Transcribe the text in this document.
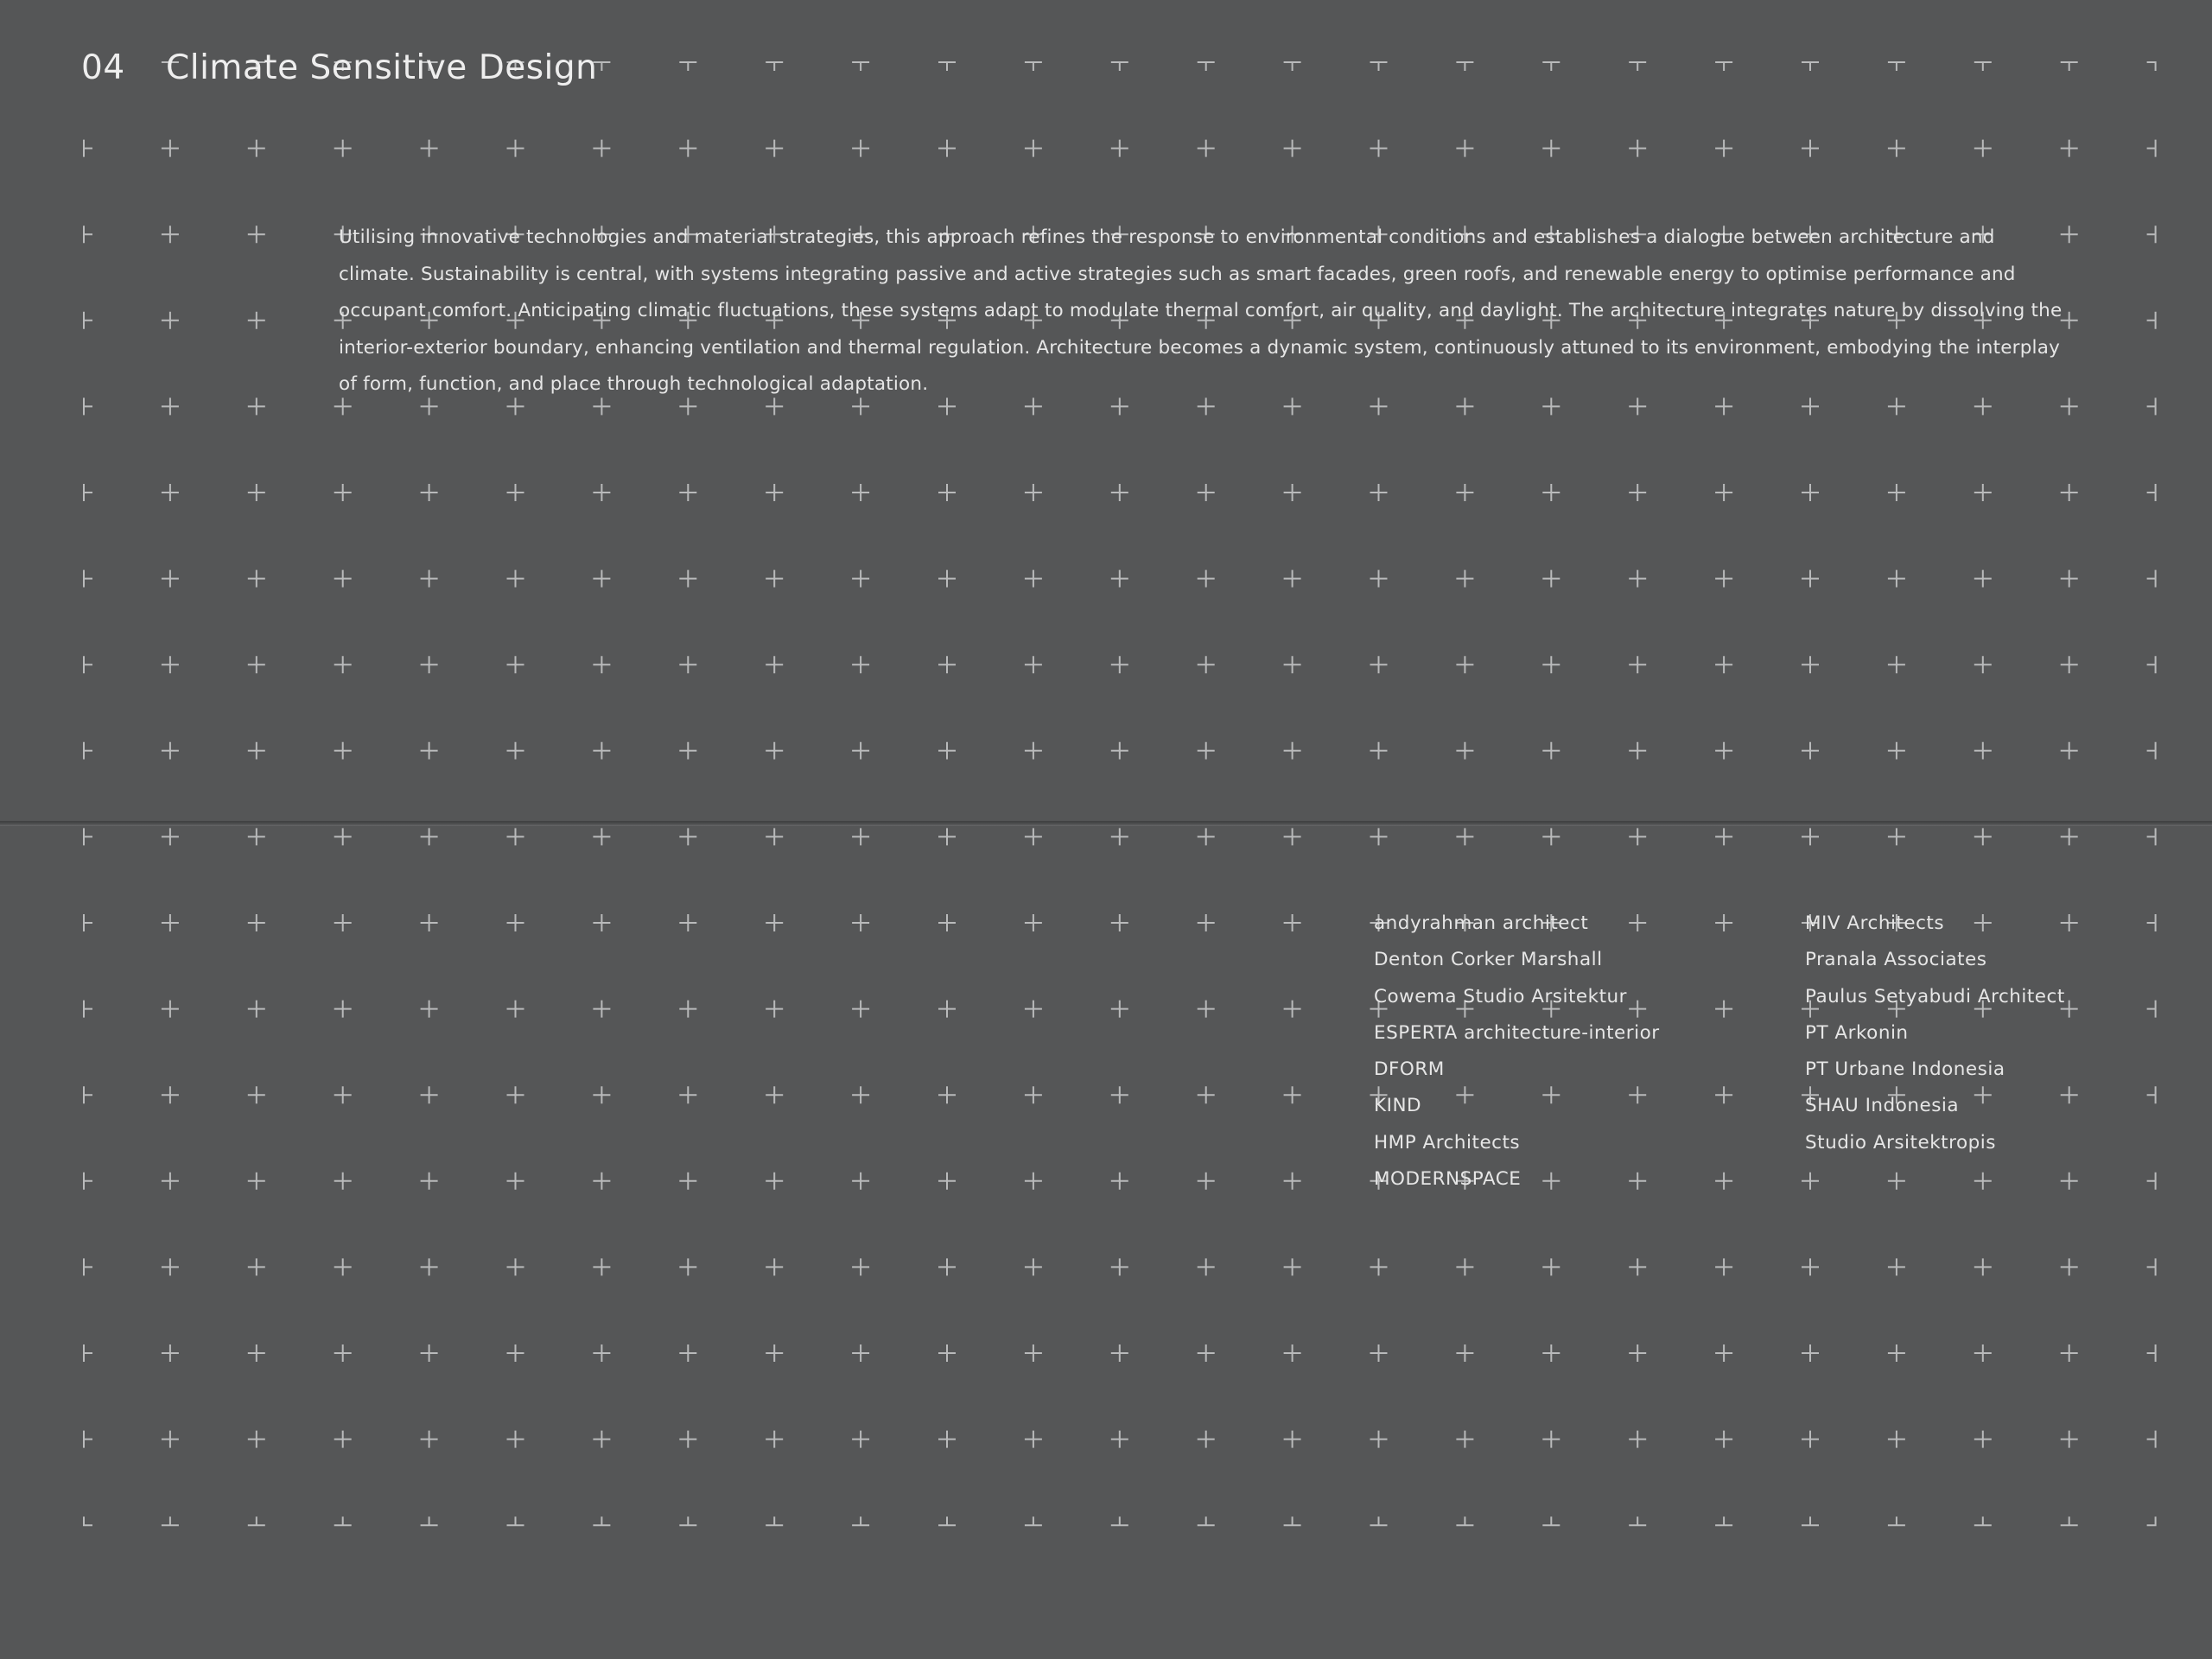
04 Climate Sensitive Design

Utilising innovative technologies and material strategies, this approach refines the response to environmental conditions and establishes a dialogue between architecture and climate. Sustainability is central, with systems integrating passive and active strategies such as smart facades, green roofs, and renewable energy to optimise performance and occupant comfort. Anticipating climatic fluctuations, these systems adapt to modulate thermal comfort, air quality, and daylight. The architecture integrates nature by dissolving the interior-exterior boundary, enhancing ventilation and thermal regulation. Architecture becomes a dynamic system, continuously attuned to its environment, embodying the interplay of form, function, and place through technological adaptation.

andyrahman architect
Denton Corker Marshall
Cowema Studio Arsitektur
ESPERTA architecture-interior
DFORM
KIND
HMP Architects
MODERNSPACE
MIV Architects
Pranala Associates
Paulus Setyabudi Architect
PT Arkonin
PT Urbane Indonesia
SHAU Indonesia
Studio Arsitektropis
